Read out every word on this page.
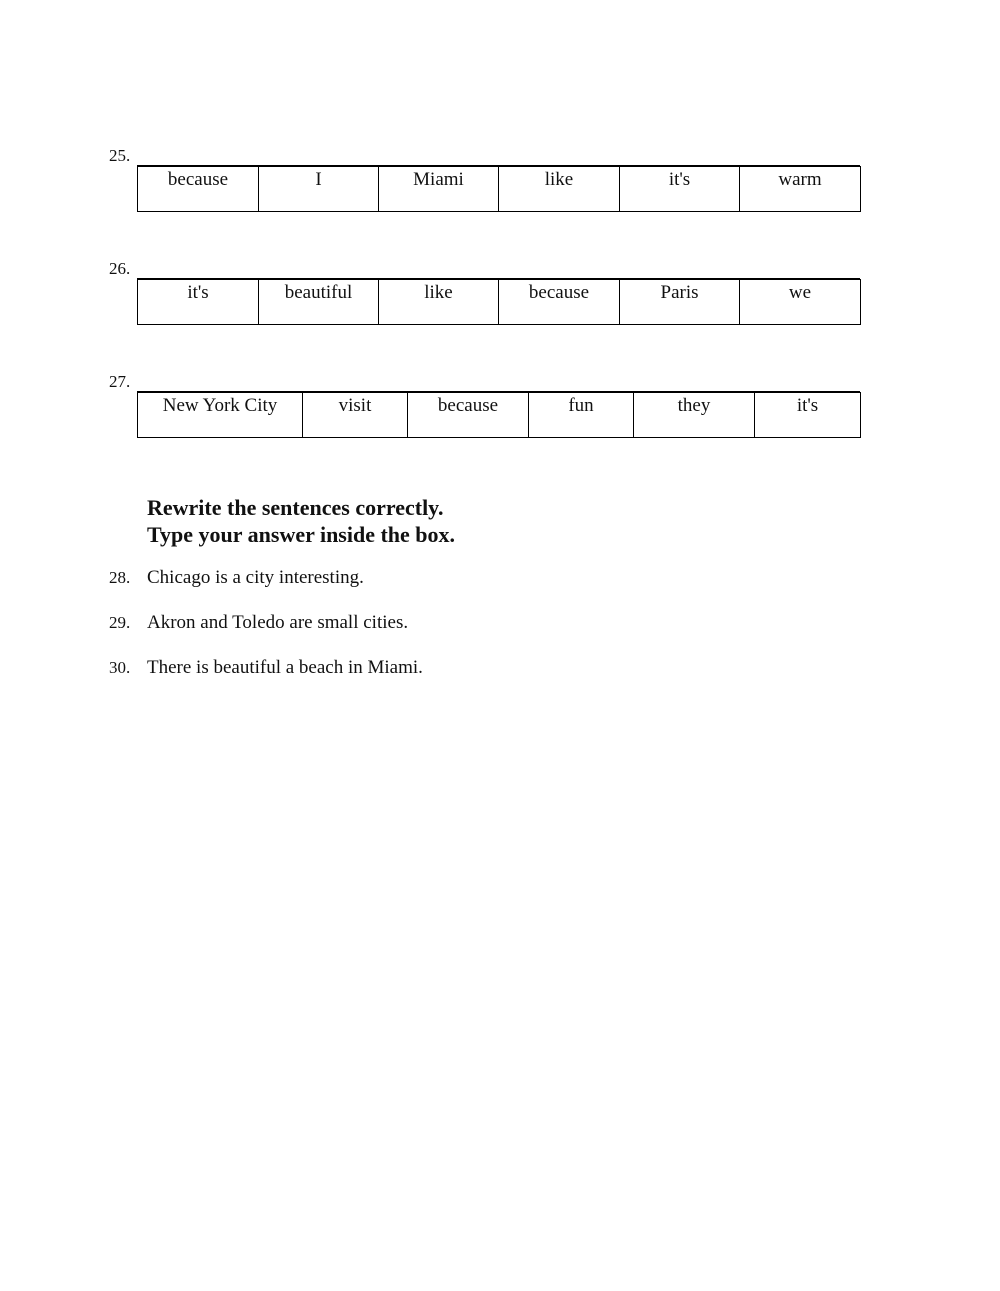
25.
because	I	Miami	like	it's	warm
26.
it's	beautiful	like	because	Paris	we
27.
New York City	visit	because	fun	they	it's
Rewrite the sentences correctly.
Type your answer inside the box.
28. Chicago is a city interesting.
29. Akron and Toledo are small cities.
30. There is beautiful a beach in Miami.
